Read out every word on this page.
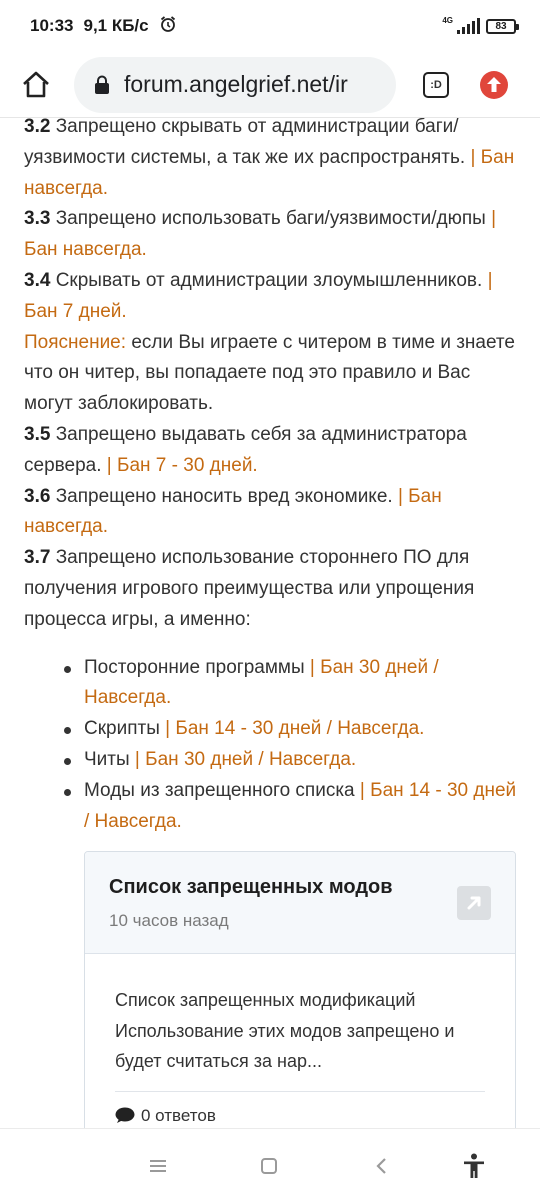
10:33 9,1 КБ/с	4G
83
forum.angelgrief.net/ir	:D

3.2 Запрещено скрывать от администрации баги/уязвимости системы, а так же их распространять. | Бан навсегда.

3.3 Запрещено использовать баги/уязвимости/дюпы | Бан навсегда.

3.4 Скрывать от администрации злоумышленников. | Бан 7 дней.

Пояснение: если Вы играете с читером в тиме и знаете что он читер, вы попадаете под это правило и Вас могут заблокировать.

3.5 Запрещено выдавать себя за администратора сервера. | Бан 7 - 30 дней.

3.6 Запрещено наносить вред экономике. | Бан навсегда.

3.7 Запрещено использование стороннего ПО для получения игрового преимущества или упрощения процесса игры, а именно:

Посторонние программы | Бан 30 дней / Навсегда.
Скрипты | Бан 14 - 30 дней / Навсегда.
Читы | Бан 30 дней / Навсегда.
Моды из запрещенного списка | Бан 14 - 30 дней / Навсегда.
Список запрещенных модов
10 часов назад
Список запрещенных модификаций Использование этих модов запрещено и будет считаться за нар...
0 ответов
